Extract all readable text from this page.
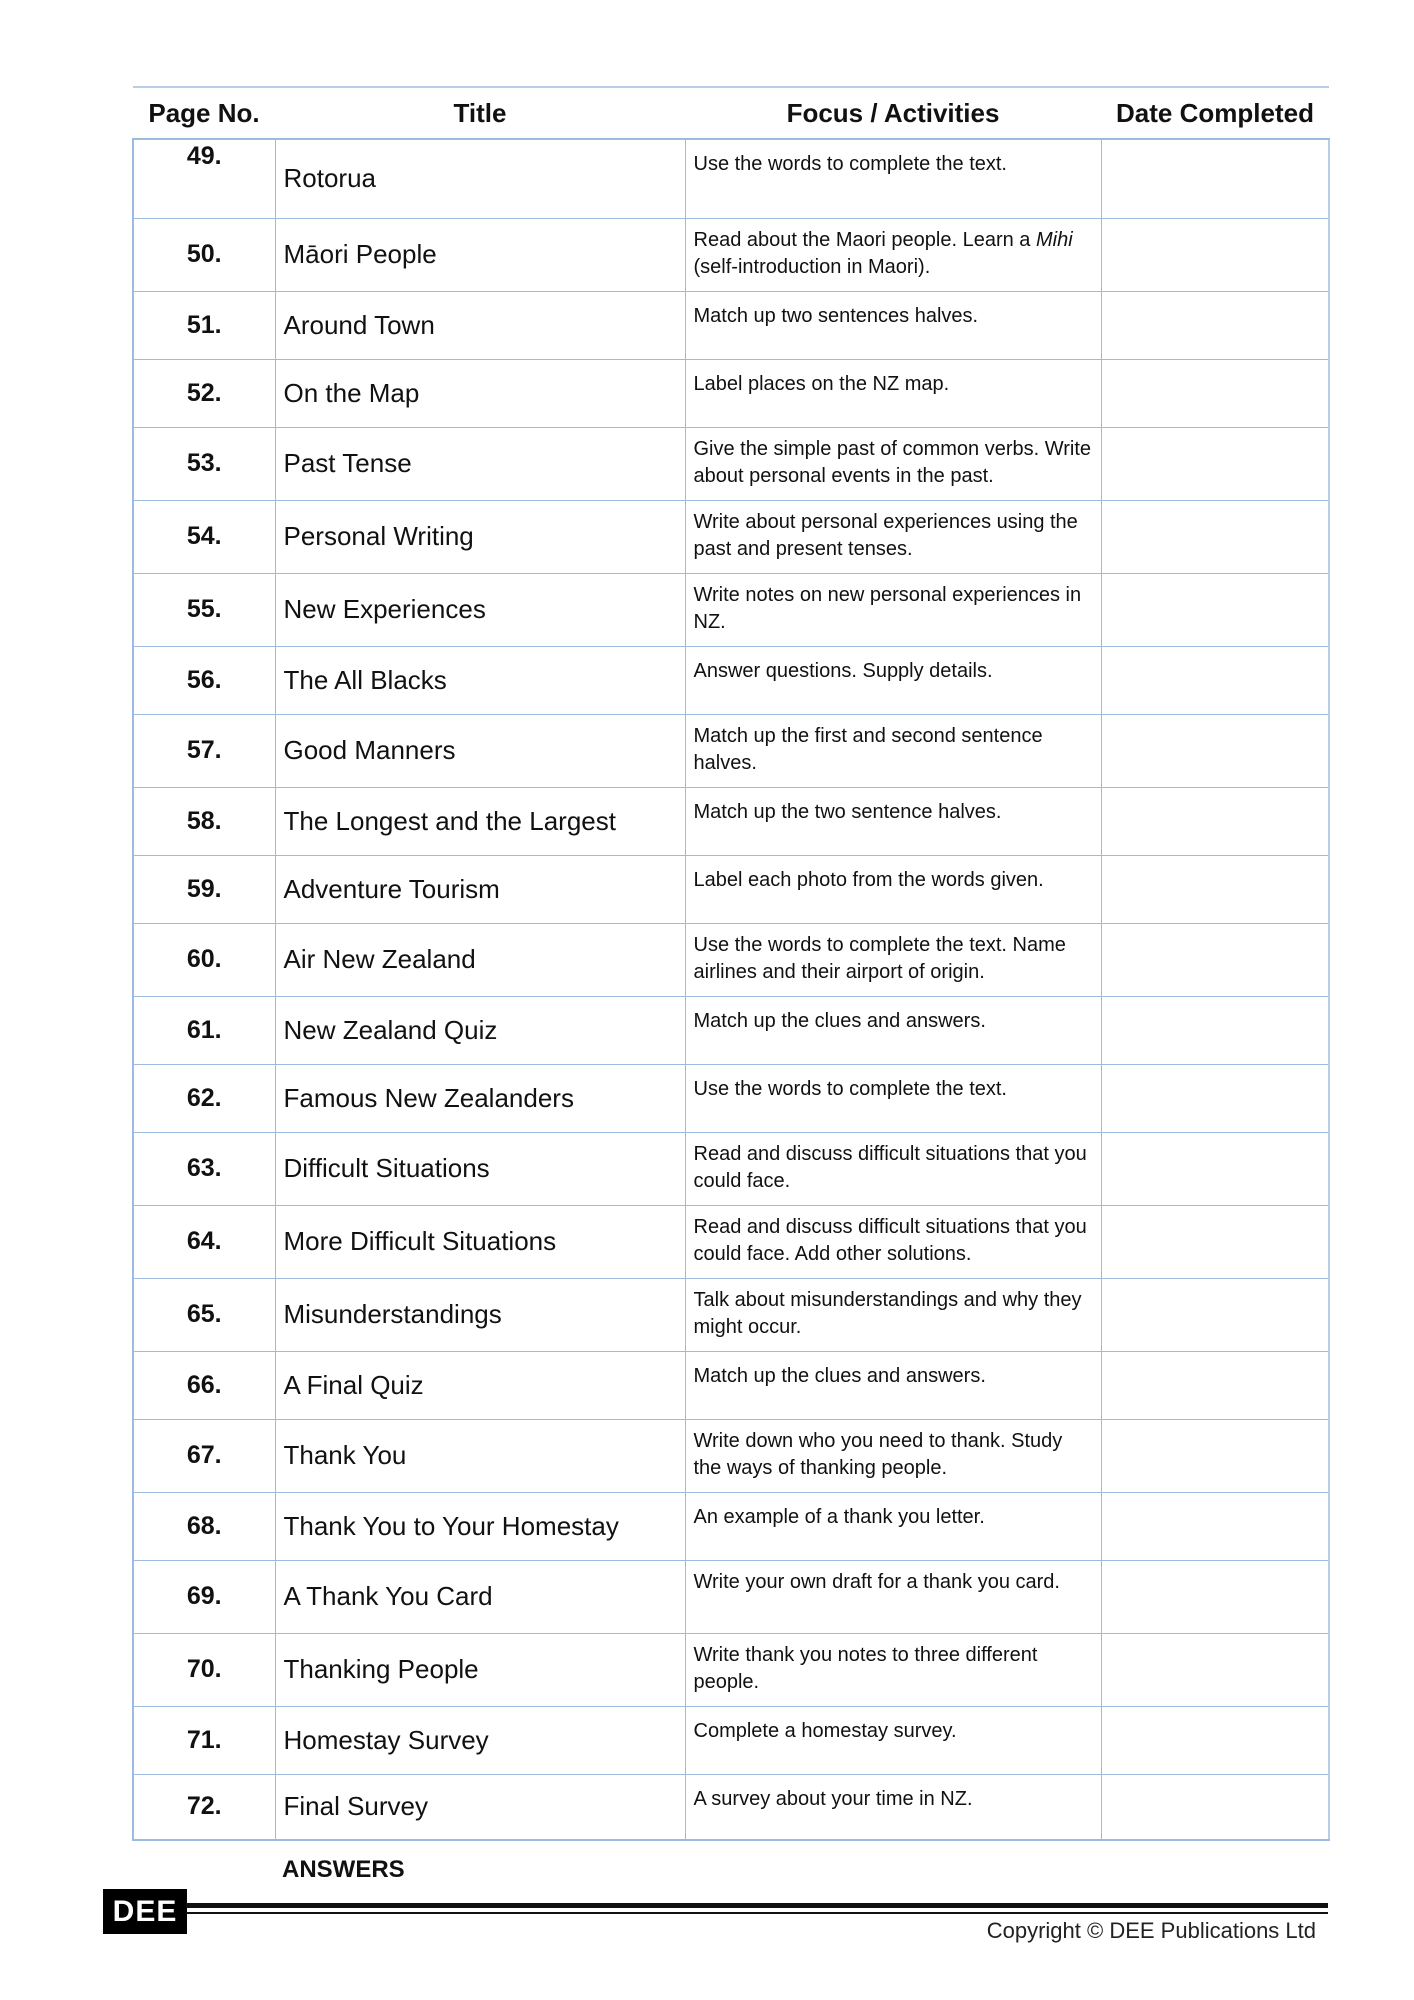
Page No.	Title	Focus / Activities	Date Completed
49.	Rotorua	Use the words to complete the text.	
50.	Māori People	Read about the Maori people. Learn a Mihi (self-introduction in Maori).	
51.	Around Town	Match up two sentences halves.	
52.	On the Map	Label places on the NZ map.	
53.	Past Tense	Give the simple past of common verbs. Write about personal events in the past.	
54.	Personal Writing	Write about personal experiences using the past and present tenses.	
55.	New Experiences	Write notes on new personal experiences in NZ.	
56.	The All Blacks	Answer questions. Supply details.	
57.	Good Manners	Match up the first and second sentence halves.	
58.	The Longest and the Largest	Match up the two sentence halves.	
59.	Adventure Tourism	Label each photo from the words given.	
60.	Air New Zealand	Use the words to complete the text. Name airlines and their airport of origin.	
61.	New Zealand Quiz	Match up the clues and answers.	
62.	Famous New Zealanders	Use the words to complete the text.	
63.	Difficult Situations	Read and discuss difficult situations that you could face.	
64.	More Difficult Situations	Read and discuss difficult situations that you could face. Add other solutions.	
65.	Misunderstandings	Talk about misunderstandings and why they might occur.	
66.	A Final Quiz	Match up the clues and answers.	
67.	Thank You	Write down who you need to thank. Study the ways of thanking people.	
68.	Thank You to Your Homestay	An example of a thank you letter.	
69.	A Thank You Card	Write your own draft for a thank you card.	
70.	Thanking People	Write thank you notes to three different people.	
71.	Homestay Survey	Complete a homestay survey.	
72.	Final Survey	A survey about your time in NZ.	
ANSWERS
DEE
Copyright © DEE Publications Ltd
